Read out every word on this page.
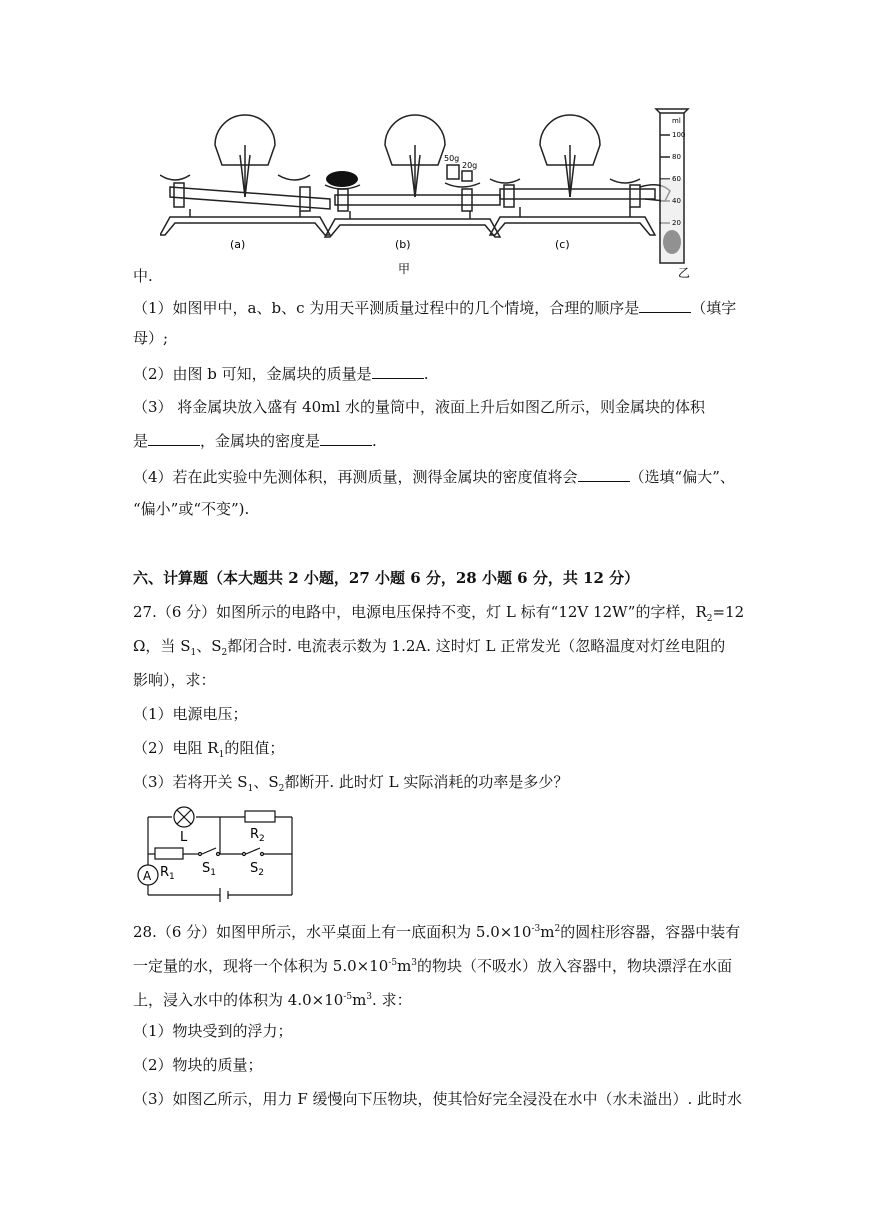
50g
20g
ml
100
80
60
40
20
(a)	(b)	(c)
甲	乙
中.
（1）如图甲中，a、b、c 为用天平测质量过程中的几个情境，合理的顺序是	（填字
母）;
（2）由图 b 可知，金属块的质量是	.
（3） 将金属块放入盛有 40ml 水的量筒中，液面上升后如图乙所示，则金属块的体积
是	，金属块的密度是	.
（4）若在此实验中先测体积，再测质量，测得金属块的密度值将会	（选填“偏大”、
“偏小”或“不变”).
六、计算题（本大题共 2 小题，27 小题 6 分，28 小题 6 分，共 12 分）
27.（6 分）如图所示的电路中，电源电压保持不变，灯 L 标有“12V 12W”的字样，$R_2=12$
Ω，当 $S_1$、$S_2$都闭合时. 电流表示数为 1.2A. 这时灯 L 正常发光（忽略温度对灯丝电阻的
影响），求：
（1）电源电压；
（2）电阻 $R_1$的阻值；
（3）若将开关 $S_1$、$S_2$都断开. 此时灯 L 实际消耗的功率是多少？
L	$R_2$
$R_1$
$S_1$	$S_2$
A
28.（6 分）如图甲所示，水平桌面上有一底面积为 $5.0\times 10^{-3}m^2$的圆柱形容器，容器中装有
一定量的水，现将一个体积为 $5.0\times 10^{-5}m^3$的物块（不吸水）放入容器中，物块漂浮在水面
上，浸入水中的体积为 $4.0\times 10^{-5}m^3$. 求：
（1）物块受到的浮力；
（2）物块的质量；
（3）如图乙所示，用力 F 缓慢向下压物块，使其恰好完全浸没在水中（水未溢出）. 此时水
